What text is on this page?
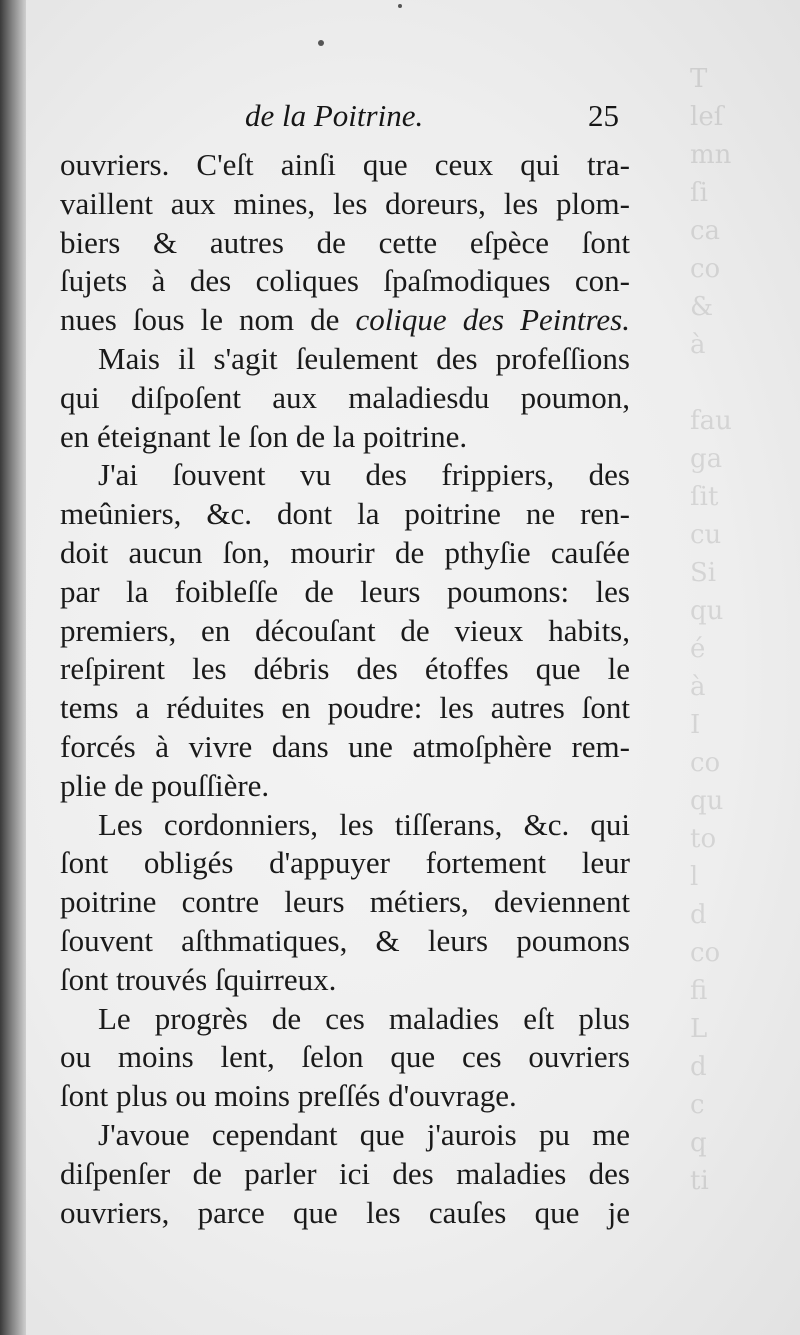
T
leſ
mn
ſi
ca
co
&
à

fau
ga
ſit
cu
Si
qu
é
à
I
co
qu
to
l
d
co
fi
L
d
c
q
ti
de la Poitrine.	25
ouvriers. C'eſt ainſi que ceux qui tra-
vaillent aux mines, les doreurs, les plom-
biers & autres de cette eſpèce ſont
ſujets à des coliques ſpaſmodiques con-
nues ſous le nom de colique des Peintres.
Mais il s'agit ſeulement des profeſſions
qui diſpoſent aux maladiesdu poumon,
en éteignant le ſon de la poitrine.
J'ai ſouvent vu des frippiers, des
meûniers, &c. dont la poitrine ne ren-
doit aucun ſon, mourir de pthyſie cauſée
par la foibleſſe de leurs poumons: les
premiers, en découſant de vieux habits,
reſpirent les débris des étoffes que le
tems a réduites en poudre: les autres ſont
forcés à vivre dans une atmoſphère rem-
plie de pouſſière.
Les cordonniers, les tiſſerans, &c. qui
ſont obligés d'appuyer fortement leur
poitrine contre leurs métiers, deviennent
ſouvent aſthmatiques, & leurs poumons
ſont trouvés ſquirreux.
Le progrès de ces maladies eſt plus
ou moins lent, ſelon que ces ouvriers
ſont plus ou moins preſſés d'ouvrage.
J'avoue cependant que j'aurois pu me
diſpenſer de parler ici des maladies des
ouvriers, parce que les cauſes que je
